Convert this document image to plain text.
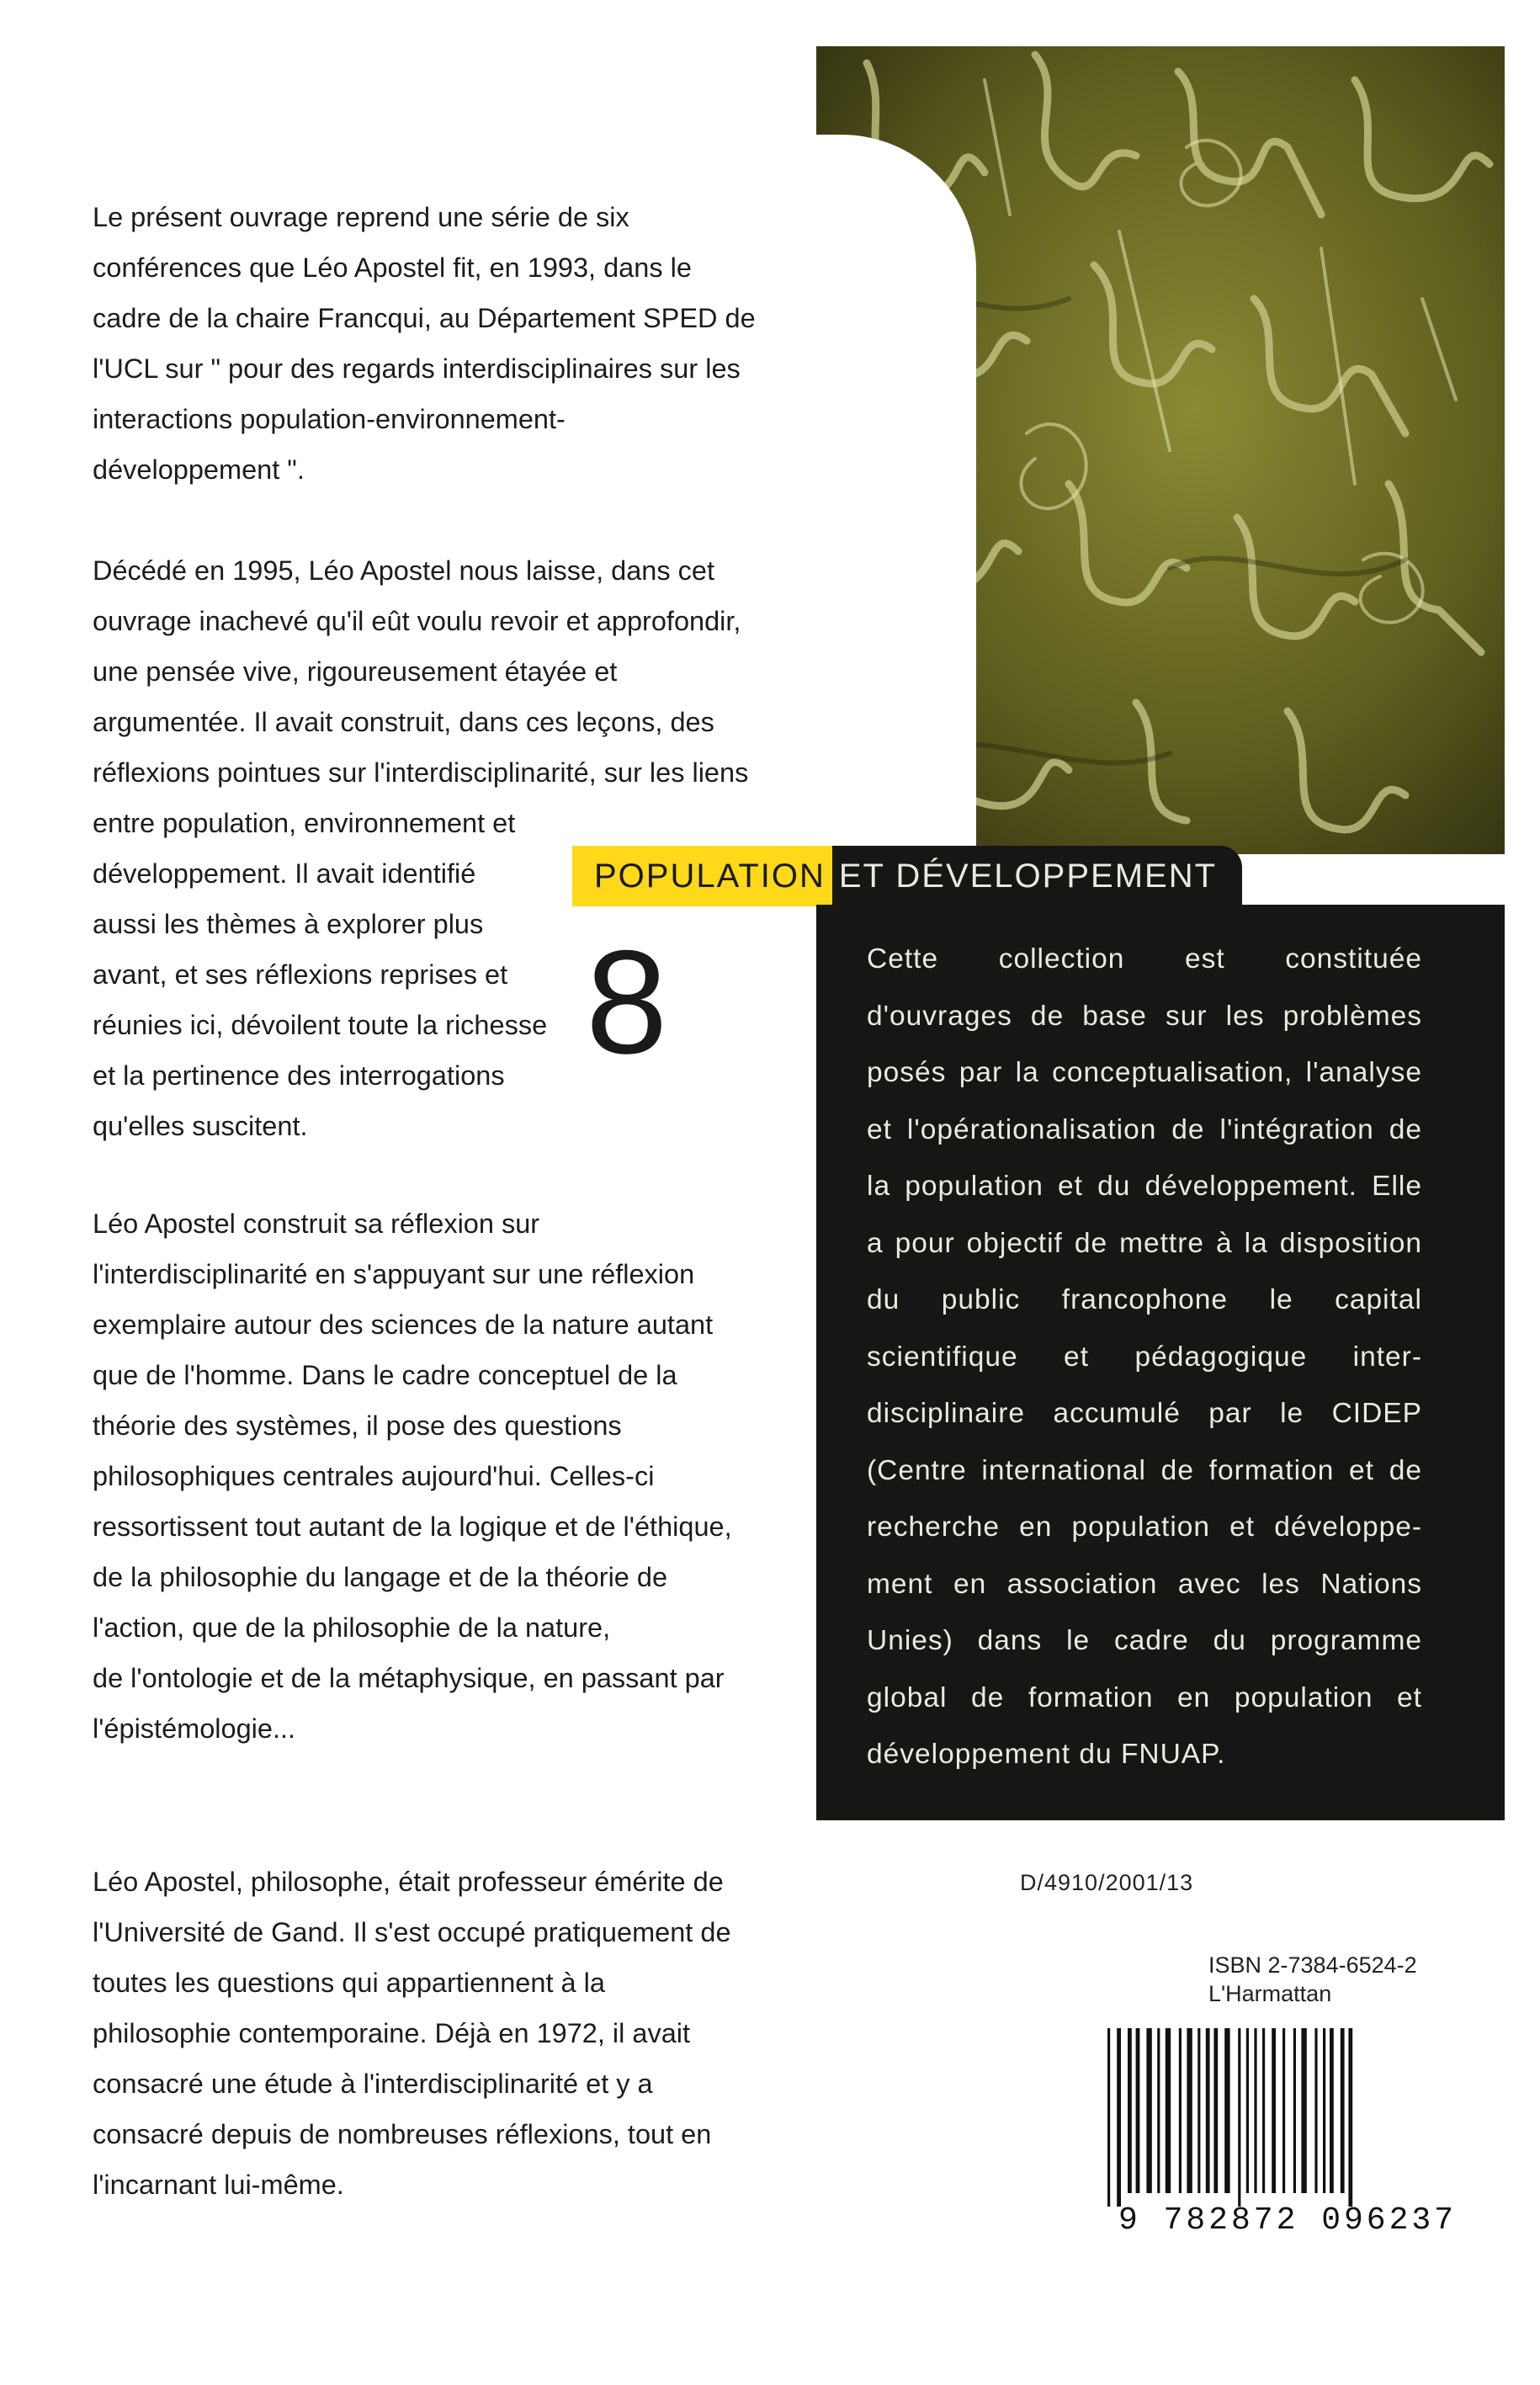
Le présent ouvrage reprend une série de six
conférences que Léo Apostel fit, en 1993, dans le
cadre de la chaire Francqui, au Département SPED de
l'UCL sur " pour des regards interdisciplinaires sur les
interactions population-environnement-
développement ".
Décédé en 1995, Léo Apostel nous laisse, dans cet
ouvrage inachevé qu'il eût voulu revoir et approfondir,
une pensée vive, rigoureusement étayée et
argumentée. Il avait construit, dans ces leçons, des
réflexions pointues sur l'interdisciplinarité, sur les liens
entre population, environnement et
développement. Il avait identifié
aussi les thèmes à explorer plus
avant, et ses réflexions reprises et
réunies ici, dévoilent toute la richesse
et la pertinence des interrogations
qu'elles suscitent.
Léo Apostel construit sa réflexion sur
l'interdisciplinarité en s'appuyant sur une réflexion
exemplaire autour des sciences de la nature autant
que de l'homme. Dans le cadre conceptuel de la
théorie des systèmes, il pose des questions
philosophiques centrales aujourd'hui. Celles-ci
ressortissent tout autant de la logique et de l'éthique,
de la philosophie du langage et de la théorie de
l'action, que de la philosophie de la nature,
de l'ontologie et de la métaphysique, en passant par
l'épistémologie...
Léo Apostel, philosophe, était professeur émérite de
l'Université de Gand. Il s'est occupé pratiquement de
toutes les questions qui appartiennent à la
philosophie contemporaine. Déjà en 1972, il avait
consacré une étude à l'interdisciplinarité et y a
consacré depuis de nombreuses réflexions, tout en
l'incarnant lui-même.
POPULATION ET DÉVELOPPEMENT
8	Cette collection est constituée
d'ouvrages de base sur les problèmes
posés par la conceptualisation, l'analyse
et l'opérationalisation de l'intégration de
la population et du développement. Elle
a pour objectif de mettre à la disposition
du public francophone le capital
scientifique et pédagogique inter-
disciplinaire accumulé par le CIDEP
(Centre international de formation et de
recherche en population et développe-
ment en association avec les Nations
Unies) dans le cadre du programme
global de formation en population et
développement du FNUAP.
D/4910/2001/13
ISBN 2-7384-6524-2
L'Harmattan
9 782872 096237
